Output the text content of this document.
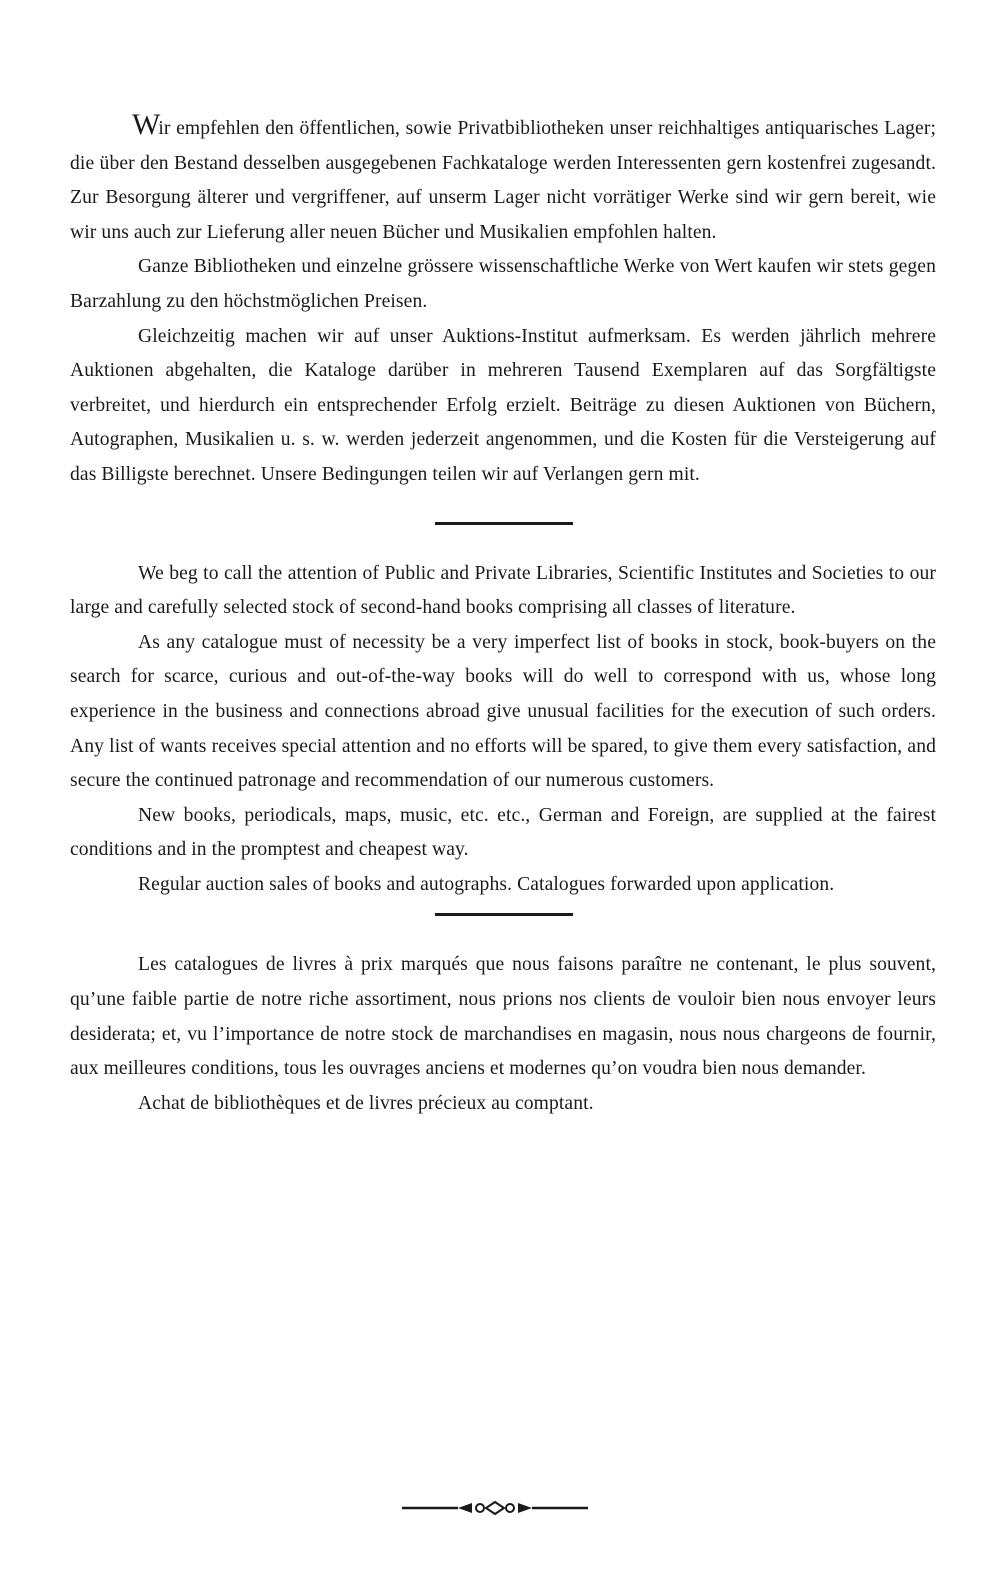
Wir empfehlen den öffentlichen, sowie Privatbibliotheken unser reichhaltiges antiquarisches Lager; die über den Bestand desselben ausgegebenen Fachkataloge werden Interessenten gern kostenfrei zugesandt. Zur Besorgung älterer und vergriffener, auf unserm Lager nicht vorrätiger Werke sind wir gern bereit, wie wir uns auch zur Lieferung aller neuen Bücher und Musikalien empfohlen halten.

Ganze Bibliotheken und einzelne grössere wissenschaftliche Werke von Wert kaufen wir stets gegen Barzahlung zu den höchstmöglichen Preisen.

Gleichzeitig machen wir auf unser Auktions-Institut aufmerksam. Es werden jährlich mehrere Auktionen abgehalten, die Kataloge darüber in mehreren Tausend Exemplaren auf das Sorgfältigste verbreitet, und hierdurch ein entsprechender Erfolg erzielt. Beiträge zu diesen Auktionen von Büchern, Autographen, Musikalien u. s. w. werden jederzeit angenommen, und die Kosten für die Versteigerung auf das Billigste berechnet. Unsere Bedingungen teilen wir auf Verlangen gern mit.

We beg to call the attention of Public and Private Libraries, Scientific Institutes and Societies to our large and carefully selected stock of second-hand books comprising all classes of literature.

As any catalogue must of necessity be a very imperfect list of books in stock, book-buyers on the search for scarce, curious and out-of-the-way books will do well to correspond with us, whose long experience in the business and connections abroad give unusual facilities for the execution of such orders. Any list of wants receives special attention and no efforts will be spared, to give them every satisfaction, and secure the continued patronage and recommendation of our numerous customers.

New books, periodicals, maps, music, etc. etc., German and Foreign, are supplied at the fairest conditions and in the promptest and cheapest way.

Regular auction sales of books and autographs. Catalogues forwarded upon application.

Les catalogues de livres à prix marqués que nous faisons paraître ne contenant, le plus souvent, qu’une faible partie de notre riche assortiment, nous prions nos clients de vouloir bien nous envoyer leurs desiderata; et, vu l’importance de notre stock de marchandises en magasin, nous nous chargeons de fournir, aux meilleures conditions, tous les ouvrages anciens et modernes qu’on voudra bien nous demander.

Achat de bibliothèques et de livres précieux au comptant.
